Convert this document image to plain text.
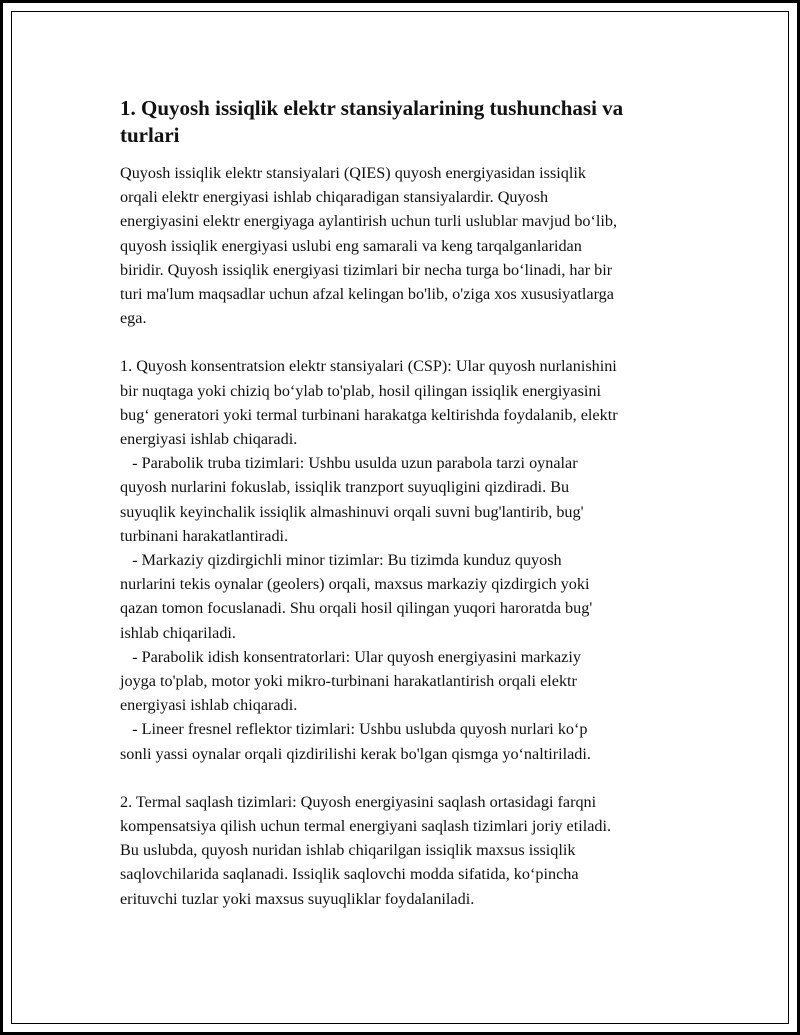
1. Quyosh issiqlik elektr stansiyalarining tushunchasi va
turlari
Quyosh issiqlik elektr stansiyalari (QIES) quyosh energiyasidan issiqlik
orqali elektr energiyasi ishlab chiqaradigan stansiyalardir. Quyosh
energiyasini elektr energiyaga aylantirish uchun turli uslublar mavjud bo‘lib,
quyosh issiqlik energiyasi uslubi eng samarali va keng tarqalganlaridan
biridir. Quyosh issiqlik energiyasi tizimlari bir necha turga bo‘linadi, har bir
turi ma'lum maqsadlar uchun afzal kelingan bo'lib, o'ziga xos xususiyatlarga
ega.
1. Quyosh konsentratsion elektr stansiyalari (CSP): Ular quyosh nurlanishini
bir nuqtaga yoki chiziq bo‘ylab to'plab, hosil qilingan issiqlik energiyasini
bug‘ generatori yoki termal turbinani harakatga keltirishda foydalanib, elektr
energiyasi ishlab chiqaradi.
- Parabolik truba tizimlari: Ushbu usulda uzun parabola tarzi oynalar
quyosh nurlarini fokuslab, issiqlik tranzport suyuqligini qizdiradi. Bu
suyuqlik keyinchalik issiqlik almashinuvi orqali suvni bug'lantirib, bug'
turbinani harakatlantiradi.
- Markaziy qizdirgichli minor tizimlar: Bu tizimda kunduz quyosh
nurlarini tekis oynalar (geolers) orqali, maxsus markaziy qizdirgich yoki
qazan tomon focuslanadi. Shu orqali hosil qilingan yuqori haroratda bug'
ishlab chiqariladi.
- Parabolik idish konsentratorlari: Ular quyosh energiyasini markaziy
joyga to'plab, motor yoki mikro-turbinani harakatlantirish orqali elektr
energiyasi ishlab chiqaradi.
- Lineer fresnel reflektor tizimlari: Ushbu uslubda quyosh nurlari ko‘p
sonli yassi oynalar orqali qizdirilishi kerak bo'lgan qismga yo‘naltiriladi.
2. Termal saqlash tizimlari: Quyosh energiyasini saqlash ortasidagi farqni
kompensatsiya qilish uchun termal energiyani saqlash tizimlari joriy etiladi.
Bu uslubda, quyosh nuridan ishlab chiqarilgan issiqlik maxsus issiqlik
saqlovchilarida saqlanadi. Issiqlik saqlovchi modda sifatida, ko‘pincha
erituvchi tuzlar yoki maxsus suyuqliklar foydalaniladi.
